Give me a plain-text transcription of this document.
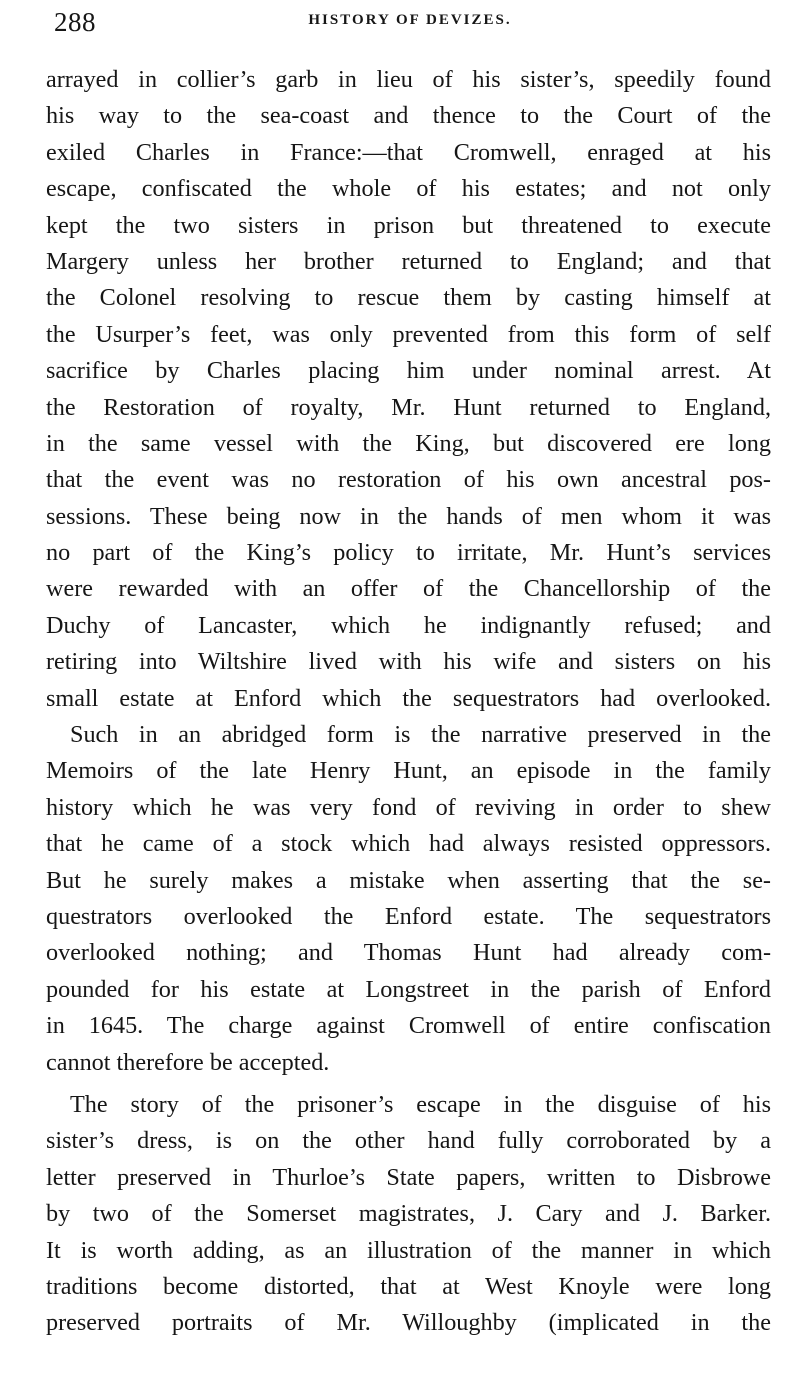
288	HISTORY OF DEVIZES.
arrayed in collier’s garb in lieu of his sister’s, speedily found
his way to the sea-coast and thence to the Court of the
exiled Charles in France:—that Cromwell, enraged at his
escape, confiscated the whole of his estates; and not only
kept the two sisters in prison but threatened to execute
Margery unless her brother returned to England; and that
the Colonel resolving to rescue them by casting himself at
the Usurper’s feet, was only prevented from this form of self
sacrifice by Charles placing him under nominal arrest. At
the Restoration of royalty, Mr. Hunt returned to England,
in the same vessel with the King, but discovered ere long
that the event was no restoration of his own ancestral pos-
sessions. These being now in the hands of men whom it was
no part of the King’s policy to irritate, Mr. Hunt’s services
were rewarded with an offer of the Chancellorship of the
Duchy of Lancaster, which he indignantly refused; and
retiring into Wiltshire lived with his wife and sisters on his
small estate at Enford which the sequestrators had overlooked.
Such in an abridged form is the narrative preserved in the
Memoirs of the late Henry Hunt, an episode in the family
history which he was very fond of reviving in order to shew
that he came of a stock which had always resisted oppressors.
But he surely makes a mistake when asserting that the se-
questrators overlooked the Enford estate. The sequestrators
overlooked nothing; and Thomas Hunt had already com-
pounded for his estate at Longstreet in the parish of Enford
in 1645. The charge against Cromwell of entire confiscation
cannot therefore be accepted.
The story of the prisoner’s escape in the disguise of his
sister’s dress, is on the other hand fully corroborated by a
letter preserved in Thurloe’s State papers, written to Disbrowe
by two of the Somerset magistrates, J. Cary and J. Barker.
It is worth adding, as an illustration of the manner in which
traditions become distorted, that at West Knoyle were long
preserved portraits of Mr. Willoughby (implicated in the
